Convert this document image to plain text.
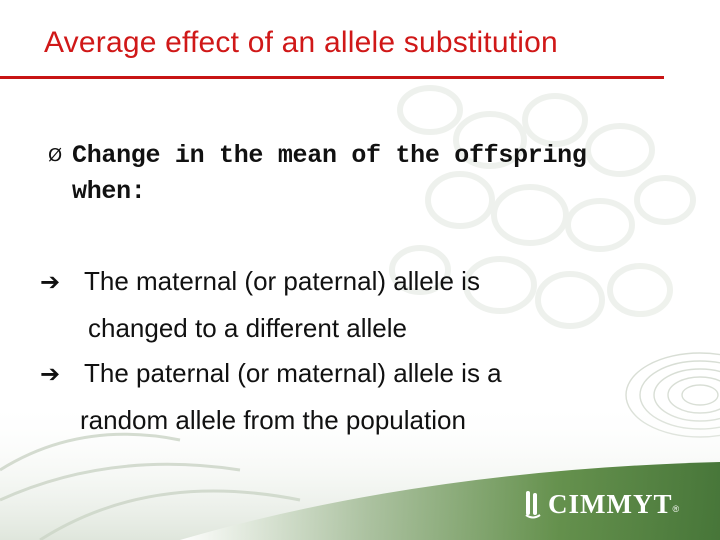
Average effect of an allele substitution
Ø Change in the mean of the offspring
when:
➔ The maternal (or paternal) allele is
changed to a different allele
➔ The paternal (or maternal) allele is a
random allele from the population
CIMMYT ®
